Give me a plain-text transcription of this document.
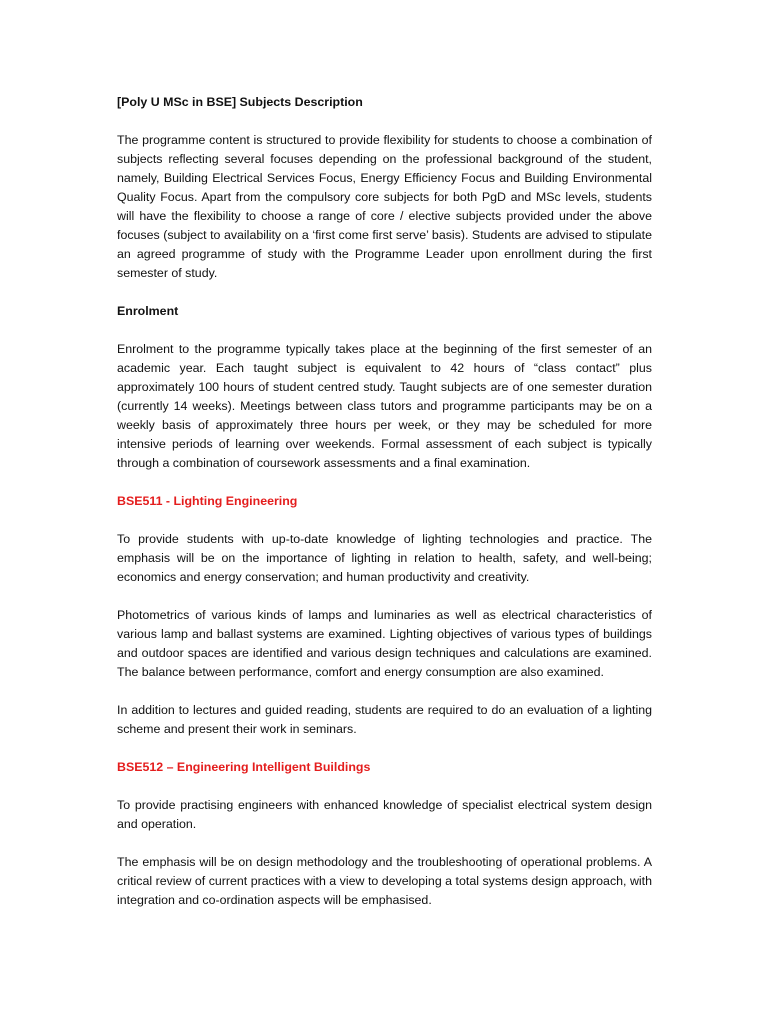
[Poly U MSc in BSE] Subjects Description

The programme content is structured to provide flexibility for students to choose a combination of subjects reflecting several focuses depending on the professional background of the student, namely, Building Electrical Services Focus, Energy Efficiency Focus and Building Environmental Quality Focus. Apart from the compulsory core subjects for both PgD and MSc levels, students will have the flexibility to choose a range of core / elective subjects provided under the above focuses (subject to availability on a ‘first come first serve’ basis). Students are advised to stipulate an agreed programme of study with the Programme Leader upon enrollment during the first semester of study.

Enrolment

Enrolment to the programme typically takes place at the beginning of the first semester of an academic year. Each taught subject is equivalent to 42 hours of “class contact” plus approximately 100 hours of student centred study. Taught subjects are of one semester duration (currently 14 weeks). Meetings between class tutors and programme participants may be on a weekly basis of approximately three hours per week, or they may be scheduled for more intensive periods of learning over weekends. Formal assessment of each subject is typically through a combination of coursework assessments and a final examination.

BSE511 - Lighting Engineering

To provide students with up-to-date knowledge of lighting technologies and practice. The emphasis will be on the importance of lighting in relation to health, safety, and well-being; economics and energy conservation; and human productivity and creativity.

Photometrics of various kinds of lamps and luminaries as well as electrical characteristics of various lamp and ballast systems are examined. Lighting objectives of various types of buildings and outdoor spaces are identified and various design techniques and calculations are examined. The balance between performance, comfort and energy consumption are also examined.

In addition to lectures and guided reading, students are required to do an evaluation of a lighting scheme and present their work in seminars.

BSE512 – Engineering Intelligent Buildings

To provide practising engineers with enhanced knowledge of specialist electrical system design and operation.

The emphasis will be on design methodology and the troubleshooting of operational problems. A critical review of current practices with a view to developing a total systems design approach, with integration and co-ordination aspects will be emphasised.
